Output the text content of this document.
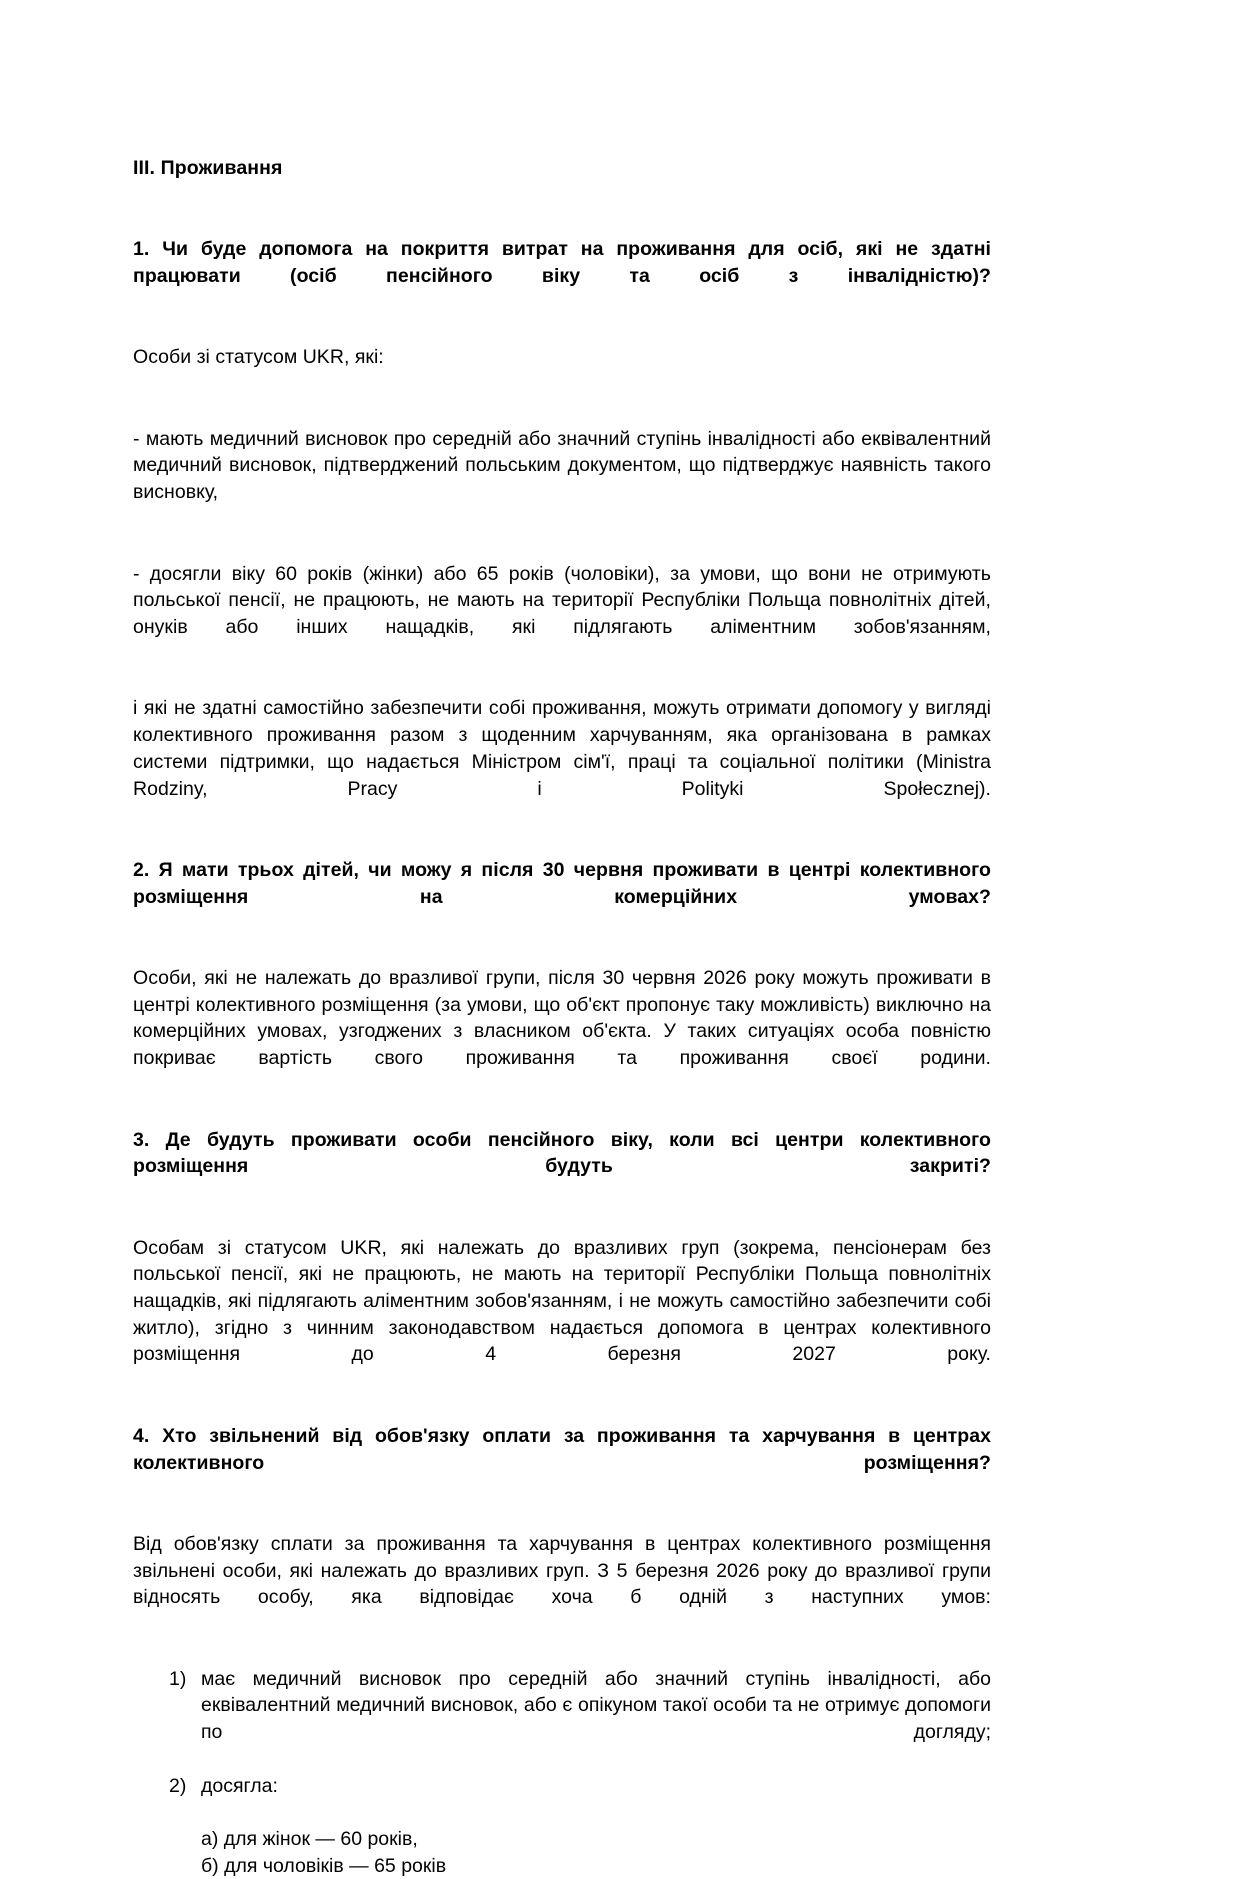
III. Проживання
1. Чи буде допомога на покриття витрат на проживання для осіб, які не здатні працювати (осіб пенсійного віку та осіб з інвалідністю)?

Особи зі статусом UKR, які:

- мають медичний висновок про середній або значний ступінь інвалідності або еквівалентний медичний висновок, підтверджений польським документом, що підтверджує наявність такого висновку,

- досягли віку 60 років (жінки) або 65 років (чоловіки), за умови, що вони не отримують польської пенсії, не працюють, не мають на території Республіки Польща повнолітніх дітей, онуків або інших нащадків, які підлягають аліментним зобов'язанням,

і які не здатні самостійно забезпечити собі проживання, можуть отримати допомогу у вигляді колективного проживання разом з щоденним харчуванням, яка організована в рамках системи підтримки, що надається Міністром сім'ї, праці та соціальної політики (Ministra Rodziny, Pracy i Polityki Społecznej).

2. Я мати трьох дітей, чи можу я після 30 червня проживати в центрі колективного розміщення на комерційних умовах?

Особи, які не належать до вразливої групи, після 30 червня 2026 року можуть проживати в центрі колективного розміщення (за умови, що об'єкт пропонує таку можливість) виключно на комерційних умовах, узгоджених з власником об'єкта. У таких ситуаціях особа повністю покриває вартість свого проживання та проживання своєї родини.

3. Де будуть проживати особи пенсійного віку, коли всі центри колективного розміщення будуть закриті?

Особам зі статусом UKR, які належать до вразливих груп (зокрема, пенсіонерам без польської пенсії, які не працюють, не мають на території Республіки Польща повнолітніх нащадків, які підлягають аліментним зобов'язанням, і не можуть самостійно забезпечити собі житло), згідно з чинним законодавством надається допомога в центрах колективного розміщення до 4 березня 2027 року.

4. Хто звільнений від обов'язку оплати за проживання та харчування в центрах колективного розміщення?

Від обов'язку сплати за проживання та харчування в центрах колективного розміщення звільнені особи, які належать до вразливих груп. З 5 березня 2026 року до вразливої групи відносять особу, яка відповідає хоча б одній з наступних умов:

1) має медичний висновок про середній або значний ступінь інвалідності, або еквівалентний медичний висновок, або є опікуном такої особи та не отримує допомоги по догляду;
2) досягла:
а) для жінок — 60 років,
б) для чоловіків — 65 років
